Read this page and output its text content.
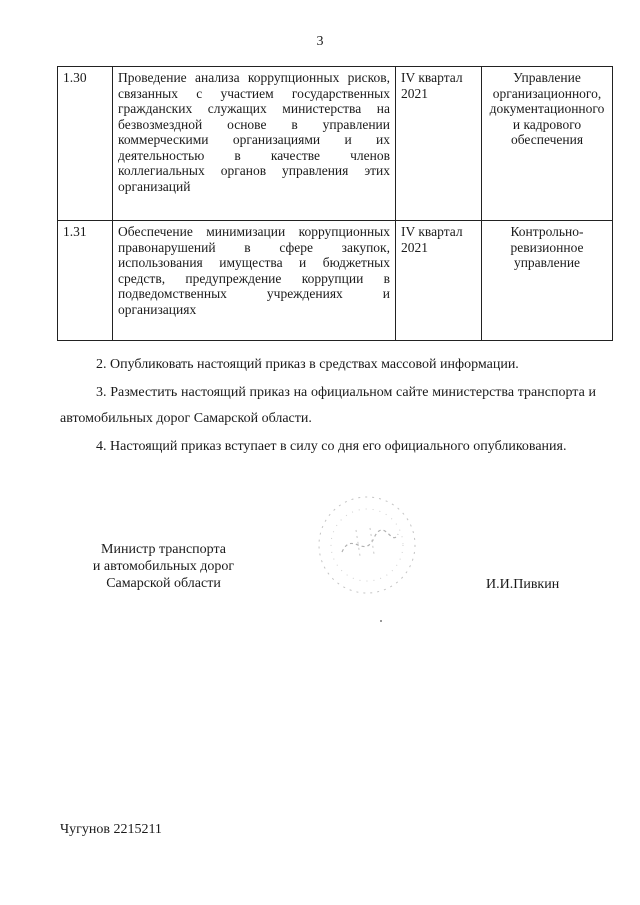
3
1.30	Проведение анализа коррупционных рисков, связанных с участием государственных гражданских служащих министерства на безвозмездной основе в управлении коммерческими организациями и их деятельностью в качестве членов коллегиальных органов управления этих организаций	IV квартал 2021	Управление организационного, документационного и кадрового обеспечения
1.31	Обеспечение минимизации коррупционных правонарушений в сфере закупок, использования имущества и бюджетных средств, предупреждение коррупции в подведомственных учреждениях и организациях	IV квартал 2021	Контрольно-ревизионное управление
2. Опубликовать настоящий приказ в средствах массовой информации.
3. Разместить настоящий приказ на официальном сайте министерства транспорта и автомобильных дорог Самарской области.
4. Настоящий приказ вступает в силу со дня его официального опубликования.
Министр транспорта
и автомобильных дорог
Самарской области	И.И.Пивкин
Чугунов 2215211
